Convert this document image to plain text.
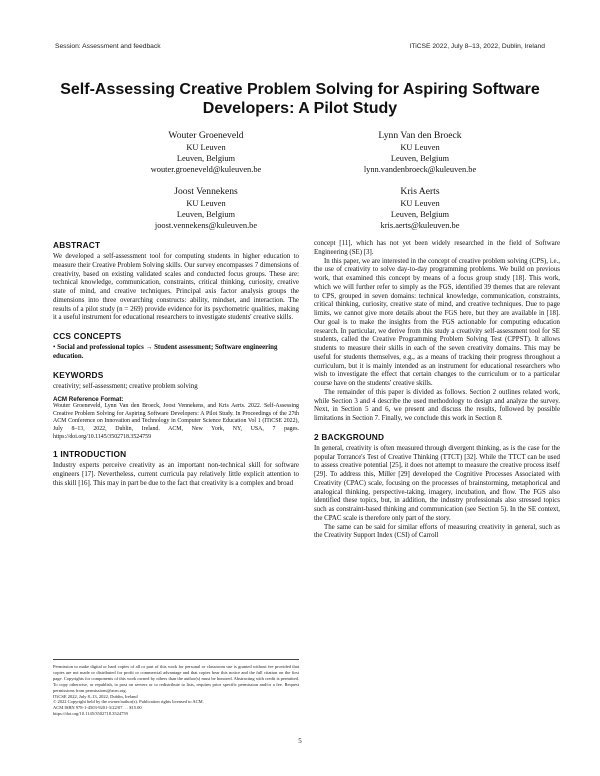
Session: Assessment and feedback	ITiCSE 2022, July 8–13, 2022, Dublin, Ireland
Self-Assessing Creative Problem Solving for Aspiring Software
Developers: A Pilot Study
Wouter Groeneveld
KU Leuven
Leuven, Belgium
wouter.groeneveld@kuleuven.be
Lynn Van den Broeck
KU Leuven
Leuven, Belgium
lynn.vandenbroeck@kuleuven.be
Joost Vennekens
KU Leuven
Leuven, Belgium
joost.vennekens@kuleuven.be
Kris Aerts
KU Leuven
Leuven, Belgium
kris.aerts@kuleuven.be
ABSTRACT

We developed a self-assessment tool for computing students in higher education to measure their Creative Problem Solving skills. Our survey encompasses 7 dimensions of creativity, based on existing validated scales and conducted focus groups. These are: technical knowledge, communication, constraints, critical thinking, curiosity, creative state of mind, and creative techniques. Principal axis factor analysis groups the dimensions into three overarching constructs: ability, mindset, and interaction. The results of a pilot study (n = 269) provide evidence for its psychometric qualities, making it a useful instrument for educational researchers to investigate students' creative skills.

CCS CONCEPTS

• Social and professional topics → Student assessment; Software engineering education.

KEYWORDS

creativity; self-assessment; creative problem solving

ACM Reference Format:

Wouter Groeneveld, Lynn Van den Broeck, Joost Vennekens, and Kris Aerts. 2022. Self-Assessing Creative Problem Solving for Aspiring Software Developers: A Pilot Study. In Proceedings of the 27th ACM Conference on Innovation and Technology in Computer Science Education Vol 1 (ITiCSE 2022), July 8–13, 2022, Dublin, Ireland. ACM, New York, NY, USA, 7 pages. https://doi.org/10.1145/3502718.3524759

1 INTRODUCTION

Industry experts perceive creativity as an important non-technical skill for software engineers [17]. Nevertheless, current curricula pay relatively little explicit attention to this skill [16]. This may in part be due to the fact that creativity is a complex and broad

Permission to make digital or hard copies of all or part of this work for personal or classroom use is granted without fee provided that copies are not made or distributed for profit or commercial advantage and that copies bear this notice and the full citation on the first page. Copyrights for components of this work owned by others than the author(s) must be honored. Abstracting with credit is permitted. To copy otherwise, or republish, to post on servers or to redistribute to lists, requires prior specific permission and/or a fee. Request permissions from permissions@acm.org.

ITiCSE 2022, July 8–13, 2022, Dublin, Ireland

© 2022 Copyright held by the owner/author(s). Publication rights licensed to ACM.

ACM ISBN 978-1-4503-9201-3/22/07. . . $15.00

https://doi.org/10.1145/3502718.3524759

concept [11], which has not yet been widely researched in the field of Software Engineering (SE) [3].

In this paper, we are interested in the concept of creative problem solving (CPS), i.e., the use of creativity to solve day-to-day programming problems. We build on previous work, that examined this concept by means of a focus group study [18]. This work, which we will further refer to simply as the FGS, identified 39 themes that are relevant to CPS, grouped in seven domains: technical knowledge, communication, constraints, critical thinking, curiosity, creative state of mind, and creative techniques. Due to page limits, we cannot give more details about the FGS here, but they are available in [18]. Our goal is to make the insights from the FGS actionable for computing education research. In particular, we derive from this study a creativity self-assessment tool for SE students, called the Creative Programming Problem Solving Test (CPPST). It allows students to measure their skills in each of the seven creativity domains. This may be useful for students themselves, e.g., as a means of tracking their progress throughout a curriculum, but it is mainly intended as an instrument for educational researchers who wish to investigate the effect that certain changes to the curriculum or to a particular course have on the students' creative skills.

The remainder of this paper is divided as follows. Section 2 outlines related work, while Section 3 and 4 describe the used methodology to design and analyze the survey. Next, in Section 5 and 6, we present and discuss the results, followed by possible limitations in Section 7. Finally, we conclude this work in Section 8.

2 BACKGROUND

In general, creativity is often measured through divergent thinking, as is the case for the popular Torrance's Test of Creative Thinking (TTCT) [32]. While the TTCT can be used to assess creative potential [25], it does not attempt to measure the creative process itself [29]. To address this, Miller [29] developed the Cognitive Processes Associated with Creativity (CPAC) scale, focusing on the processes of brainstorming, metaphorical and analogical thinking, perspective-taking, imagery, incubation, and flow. The FGS also identified these topics, but, in addition, the industry professionals also stressed topics such as constraint-based thinking and communication (see Section 5). In the SE context, the CPAC scale is therefore only part of the story.

The same can be said for similar efforts of measuring creativity in general, such as the Creativity Support Index (CSI) of Carroll

5
